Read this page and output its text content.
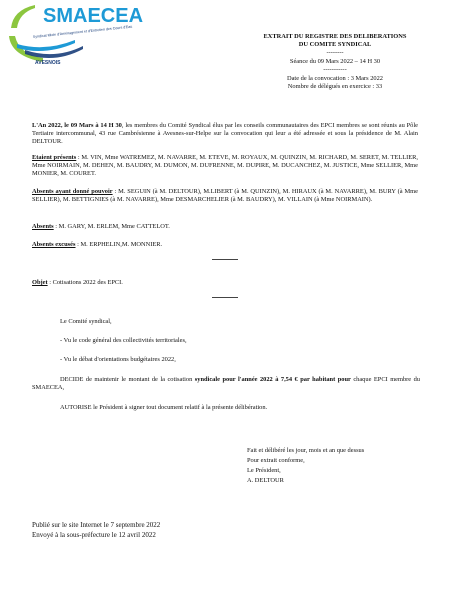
SMAECEA
Syndicat Mixte d'Aménagement et d'Entretien des Cours d'Eau
AVESNOIS
EXTRAIT DU REGISTRE DES DELIBERATIONS
DU COMITE SYNDICAL
--------
Séance du 09 Mars 2022 – 14 H 30
-----------
Date de la convocation : 3 Mars 2022
Nombre de délégués en exercice : 33
L'An 2022, le 09 Mars à 14 H 30, les membres du Comité Syndical élus par les conseils communautaires des EPCI membres se sont réunis au Pôle Tertiaire intercommunal, 43 rue Cambrésienne à Avesnes-sur-Helpe sur la convocation qui leur a été adressée et sous la présidence de M. Alain DELTOUR.
Etaient présents : M. VIN, Mme WATREMEZ, M. NAVARRE, M. ETEVE, M. ROYAUX, M. QUINZIN, M. RICHARD, M. SERET, M. TELLIER, Mme NOIRMAIN, M. DEHEN, M. BAUDRY, M. DUMON, M. DUFRENNE, M. DUPIRE, M. DUCANCHEZ, M. JUSTICE, Mme SELLIER, Mme MONIER, M. COURET.
Absents ayant donné pouvoir : M. SEGUIN (à M. DELTOUR), M.LIBERT (à M. QUINZIN), M. HIRAUX (à M. NAVARRE), M. BURY (à Mme SELLIER), M. BETTIGNIES (à M. NAVARRE), Mme DESMARCHELIER (à M. BAUDRY), M. VILLAIN (à Mme NOIRMAIN).
Absents : M. GARY, M. ERLEM, Mme CATTELOT.
Absents excusés : M. ERPHELIN,M. MONNIER.
Objet : Cotisations 2022 des EPCI.
Le Comité syndical,
- Vu le code général des collectivités territoriales,
- Vu le débat d'orientations budgétaires 2022,
DECIDE de maintenir le montant de la cotisation syndicale pour l'année 2022 à 7,54 € par habitant pour chaque EPCI membre du SMAECEA,
AUTORISE le Président à signer tout document relatif à la présente délibération.
Fait et délibéré les jour, mois et an que dessus
Pour extrait conforme,
Le Président,
A. DELTOUR
Publié sur le site Internet le 7 septembre 2022
Envoyé à la sous-préfecture le 12 avril 2022
